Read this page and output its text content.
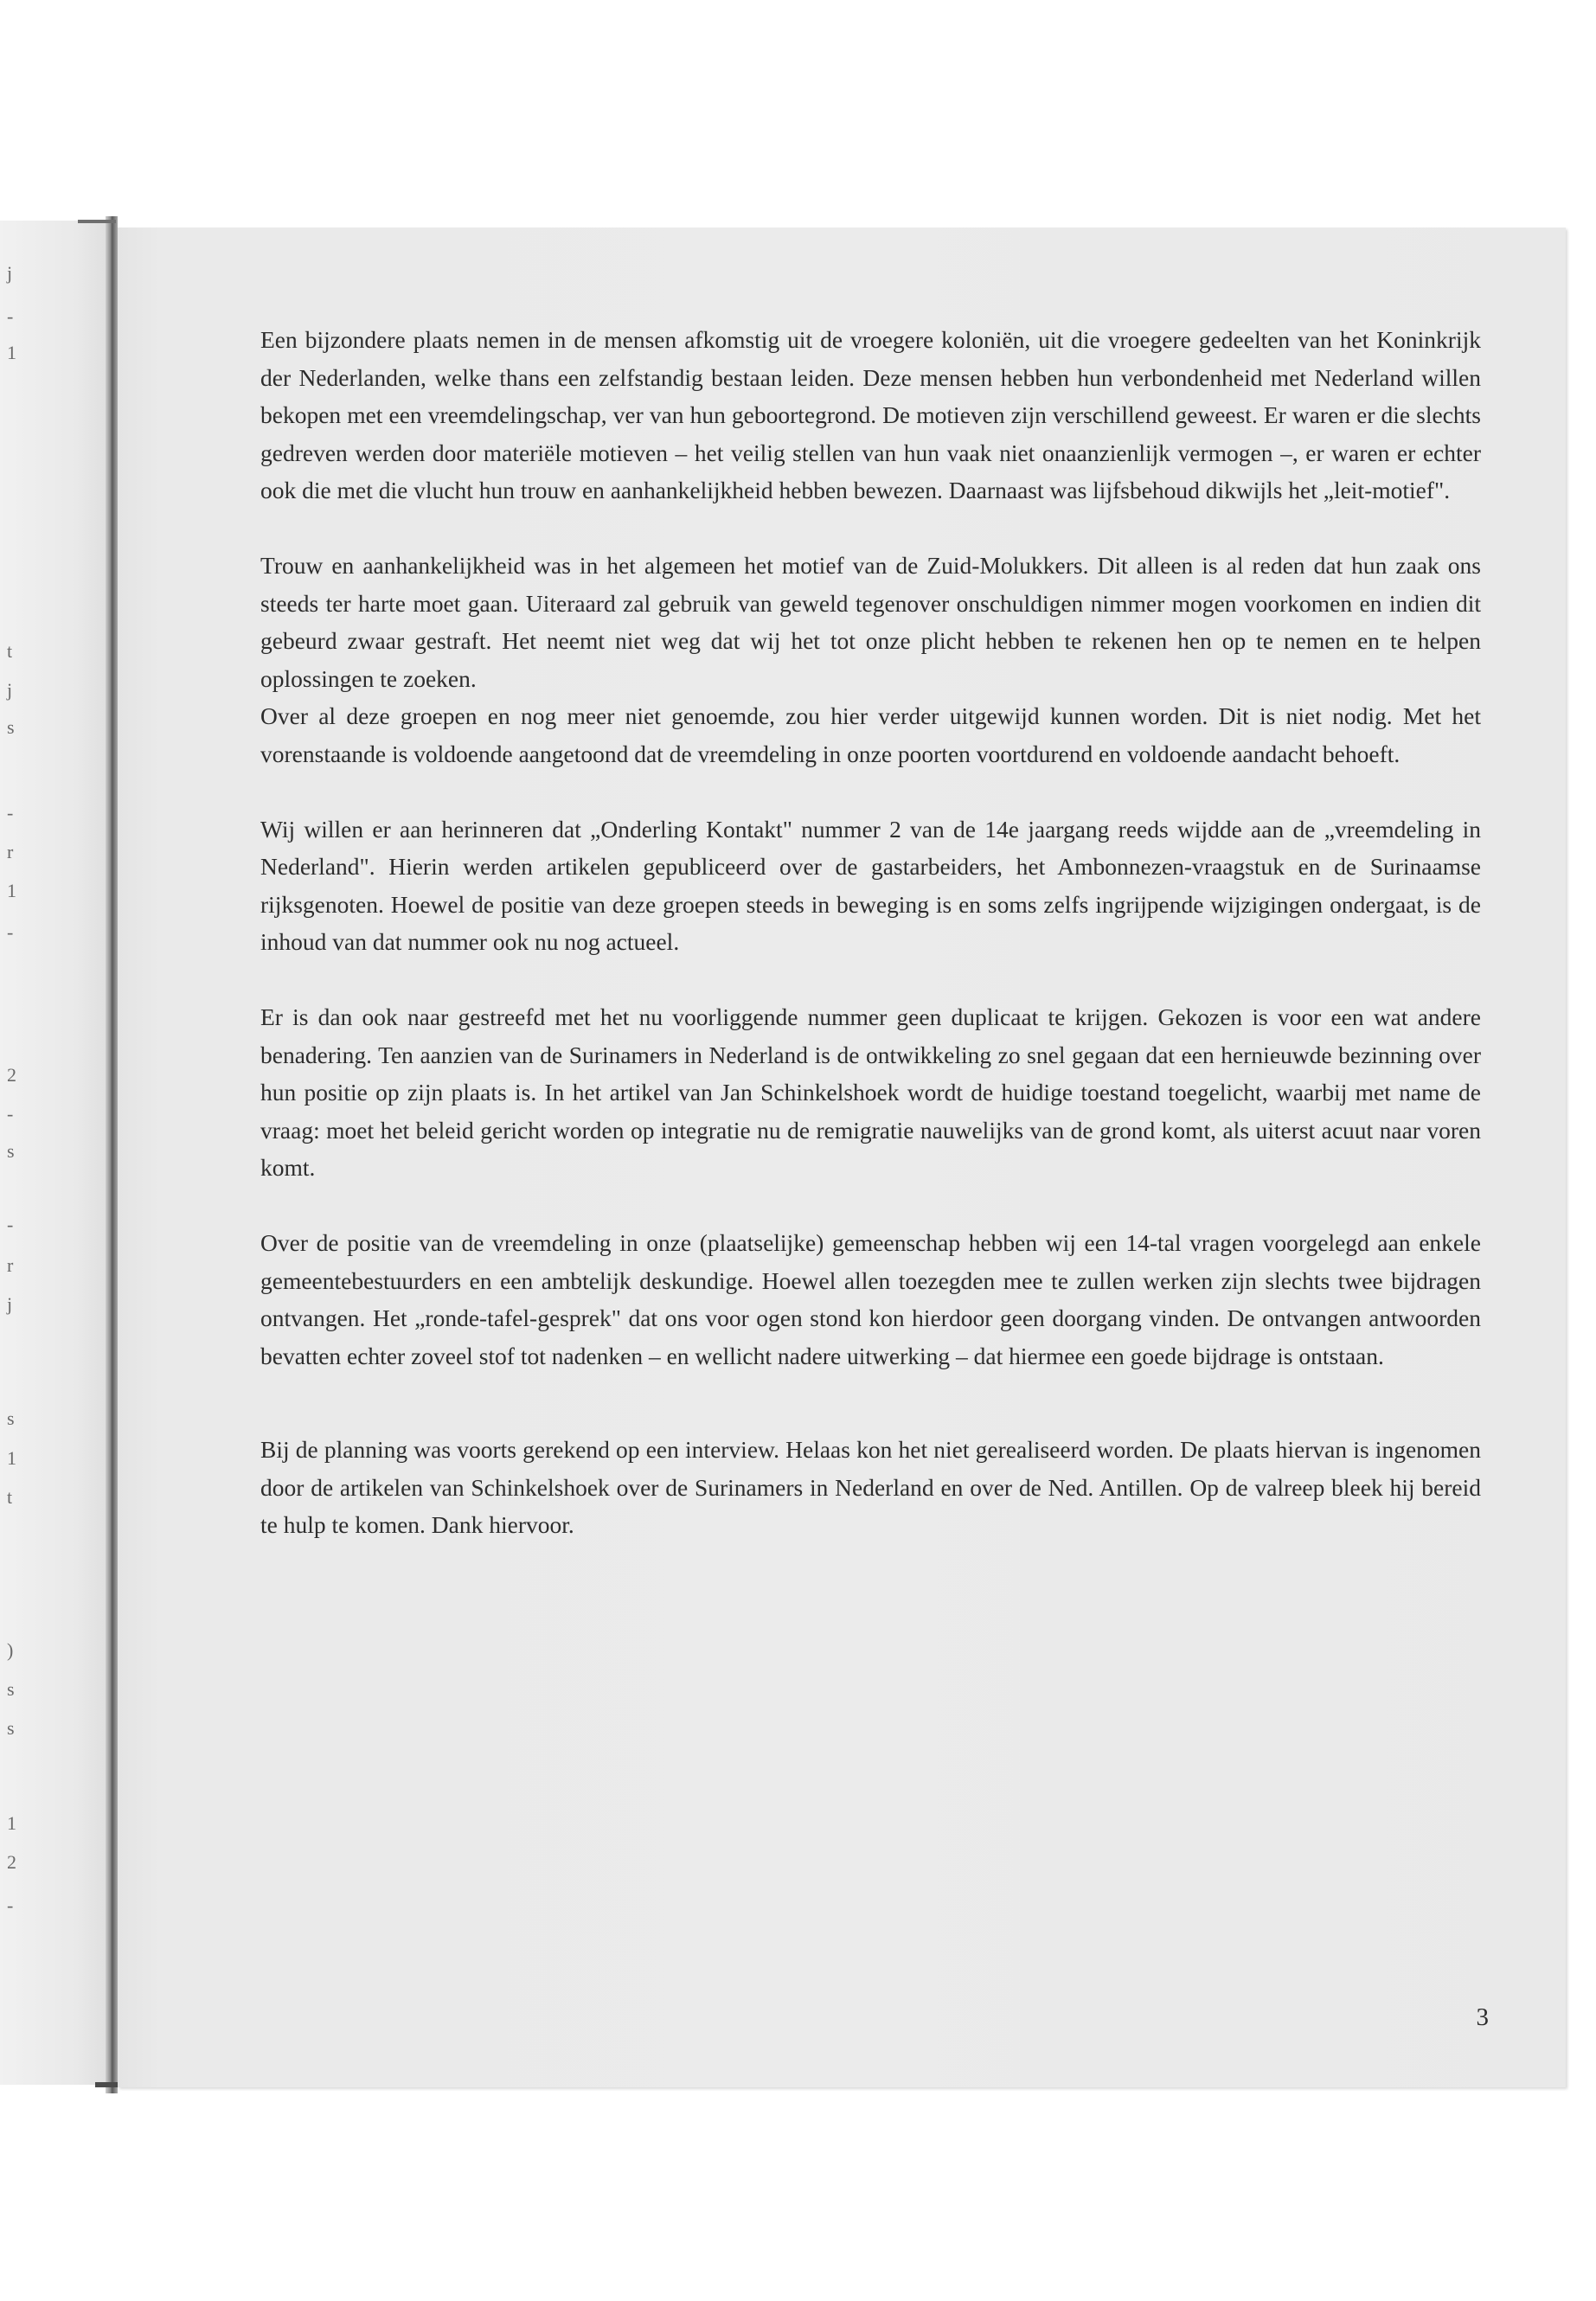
j
-
1
t
j
s
-
r
1
-
2
-
s
-
r
j
s
1
t
)
s
s
1
2
-

Een bijzondere plaats nemen in de mensen afkomstig uit de vroegere koloniën, uit die vroegere gedeelten van het Koninkrijk der Nederlanden, welke thans een zelfstandig bestaan leiden. Deze mensen hebben hun verbondenheid met Nederland willen bekopen met een vreemdelingschap, ver van hun geboortegrond. De motieven zijn verschillend geweest. Er waren er die slechts gedreven werden door materiële motieven – het veilig stellen van hun vaak niet onaanzienlijk vermogen –, er waren er echter ook die met die vlucht hun trouw en aanhankelijkheid hebben bewezen. Daarnaast was lijfsbehoud dikwijls het „leit-motief".

Trouw en aanhankelijkheid was in het algemeen het motief van de Zuid-Molukkers. Dit alleen is al reden dat hun zaak ons steeds ter harte moet gaan. Uiteraard zal gebruik van geweld tegenover onschuldigen nimmer mogen voorkomen en indien dit gebeurd zwaar gestraft. Het neemt niet weg dat wij het tot onze plicht hebben te rekenen hen op te nemen en te helpen oplossingen te zoeken.

Over al deze groepen en nog meer niet genoemde, zou hier verder uitgewijd kunnen worden. Dit is niet nodig. Met het vorenstaande is voldoende aangetoond dat de vreemdeling in onze poorten voortdurend en voldoende aandacht behoeft.

Wij willen er aan herinneren dat „Onderling Kontakt" nummer 2 van de 14e jaargang reeds wijdde aan de „vreemdeling in Nederland". Hierin werden artikelen gepubliceerd over de gastarbeiders, het Ambonnezen-vraagstuk en de Surinaamse rijksgenoten. Hoewel de positie van deze groepen steeds in beweging is en soms zelfs ingrijpende wijzigingen ondergaat, is de inhoud van dat nummer ook nu nog actueel.

Er is dan ook naar gestreefd met het nu voorliggende nummer geen duplicaat te krijgen. Gekozen is voor een wat andere benadering. Ten aanzien van de Surinamers in Nederland is de ontwikkeling zo snel gegaan dat een hernieuwde bezinning over hun positie op zijn plaats is. In het artikel van Jan Schinkelshoek wordt de huidige toestand toegelicht, waarbij met name de vraag: moet het beleid gericht worden op integratie nu de remigratie nauwelijks van de grond komt, als uiterst acuut naar voren komt.

Over de positie van de vreemdeling in onze (plaatselijke) gemeenschap hebben wij een 14-tal vragen voorgelegd aan enkele gemeentebestuurders en een ambtelijk deskundige. Hoewel allen toezegden mee te zullen werken zijn slechts twee bijdragen ontvangen. Het „ronde-tafel-gesprek" dat ons voor ogen stond kon hierdoor geen doorgang vinden. De ontvangen antwoorden bevatten echter zoveel stof tot nadenken – en wellicht nadere uitwerking – dat hiermee een goede bijdrage is ontstaan.

Bij de planning was voorts gerekend op een interview. Helaas kon het niet gerealiseerd worden. De plaats hiervan is ingenomen door de artikelen van Schinkelshoek over de Surinamers in Nederland en over de Ned. Antillen. Op de valreep bleek hij bereid te hulp te komen. Dank hiervoor.

3
